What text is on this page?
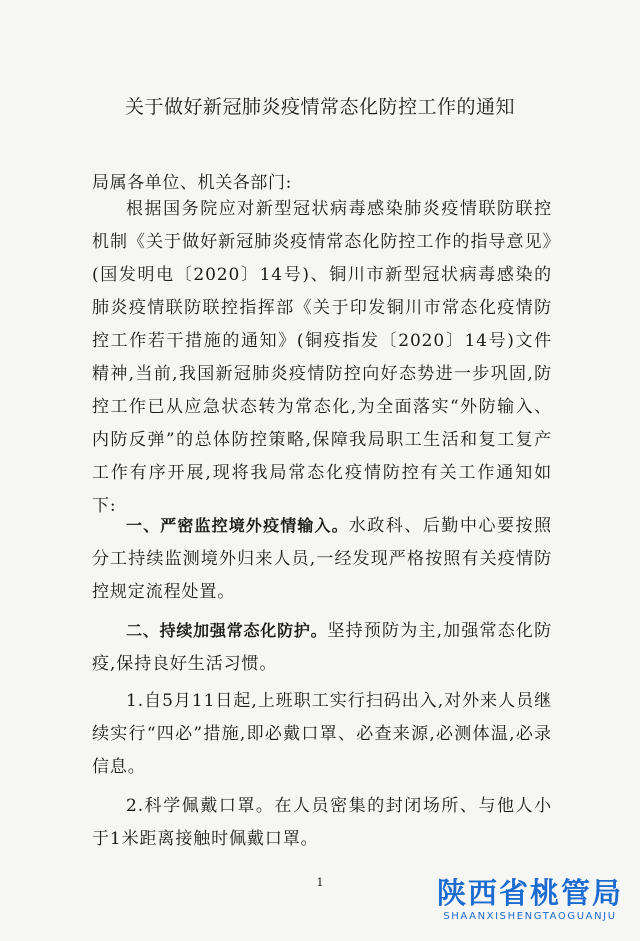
关于做好新冠肺炎疫情常态化防控工作的通知
局属各单位、机关各部门:

根据国务院应对新型冠状病毒感染肺炎疫情联防联控机制《关于做好新冠肺炎疫情常态化防控工作的指导意见》(国发明电〔2020〕14号)、铜川市新型冠状病毒感染的肺炎疫情联防联控指挥部《关于印发铜川市常态化疫情防控工作若干措施的通知》(铜疫指发〔2020〕14号)文件精神,当前,我国新冠肺炎疫情防控向好态势进一步巩固,防控工作已从应急状态转为常态化,为全面落实“外防输入、内防反弹”的总体防控策略,保障我局职工生活和复工复产工作有序开展,现将我局常态化疫情防控有关工作通知如下:

一、严密监控境外疫情输入。水政科、后勤中心要按照分工持续监测境外归来人员,一经发现严格按照有关疫情防控规定流程处置。

二、持续加强常态化防护。坚持预防为主,加强常态化防疫,保持良好生活习惯。

1.自5月11日起,上班职工实行扫码出入,对外来人员继续实行“四必”措施,即必戴口罩、必查来源,必测体温,必录信息。

2.科学佩戴口罩。在人员密集的封闭场所、与他人小于1米距离接触时佩戴口罩。

1	陕西省桃管局
SHAANXISHENGTAOGUANJU
